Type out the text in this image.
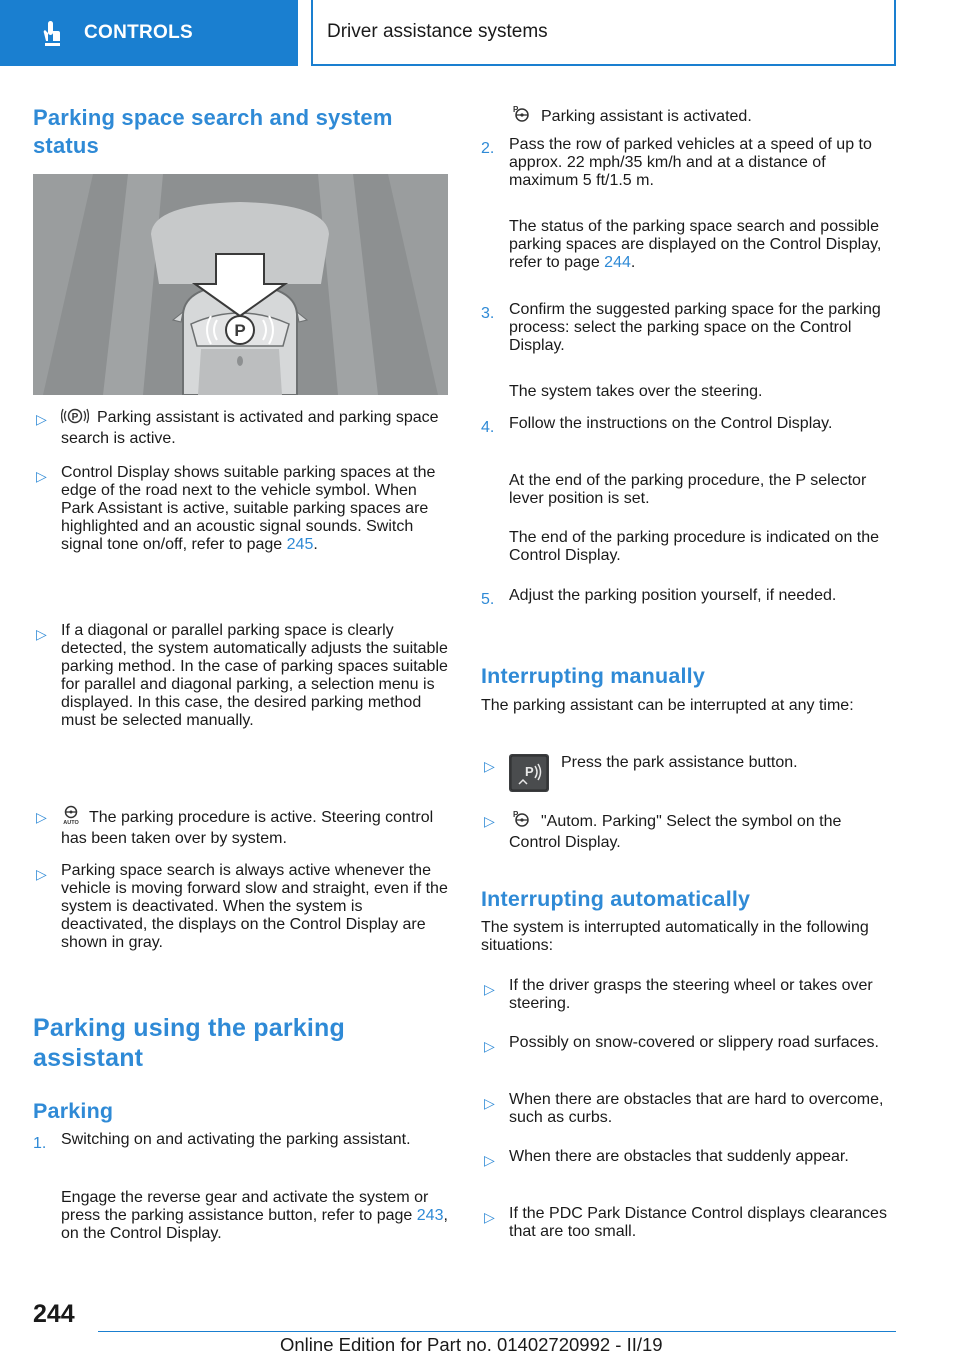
CONTROLS	Driver assistance systems
Parking space search and system status
P
▷	P Parking assistant is activated and parking space search is active.
▷ Control Display shows suitable parking spaces at the edge of the road next to the vehicle symbol. When Park Assistant is active, suitable parking spaces are highlighted and an acoustic signal sounds. Switch signal tone on/off, refer to page 245.
▷ If a diagonal or parallel parking space is clearly detected, the system automatically adjusts the suitable parking method. In the case of parking spaces suitable for parallel and diagonal parking, a selection menu is displayed. In this case, the desired parking method must be selected manually.
▷	AUTO The parking procedure is active. Steering control has been taken over by system.
▷ Parking space search is always active whenever the vehicle is moving forward slow and straight, even if the system is deactivated. When the system is deactivated, the displays on the Control Display are shown in gray.
Parking using the parking assistant
Parking
1. Switching on and activating the parking assistant.
Engage the reverse gear and activate the system or press the parking assistance button, refer to page 243, on the Control Display.
P Parking assistant is activated.
2. Pass the row of parked vehicles at a speed of up to approx. 22 mph/35 km/h and at a distance of maximum 5 ft/1.5 m.
The status of the parking space search and possible parking spaces are displayed on the Control Display, refer to page 244.
3. Confirm the suggested parking space for the parking process: select the parking space on the Control Display.
The system takes over the steering.
4. Follow the instructions on the Control Display.
At the end of the parking procedure, the P selector lever position is set.
The end of the parking procedure is indicated on the Control Display.
5. Adjust the parking position yourself, if needed.
Interrupting manually
The parking assistant can be interrupted at any time:
▷	P
Press the park assistance button.
▷	P "Autom. Parking" Select the symbol on the Control Display.
Interrupting automatically
The system is interrupted automatically in the following situations:
▷ If the driver grasps the steering wheel or takes over steering.
▷ Possibly on snow-covered or slippery road surfaces.
▷ When there are obstacles that are hard to overcome, such as curbs.
▷ When there are obstacles that suddenly appear.
▷ If the PDC Park Distance Control displays clearances that are too small.
244
Online Edition for Part no. 01402720992 - II/19
